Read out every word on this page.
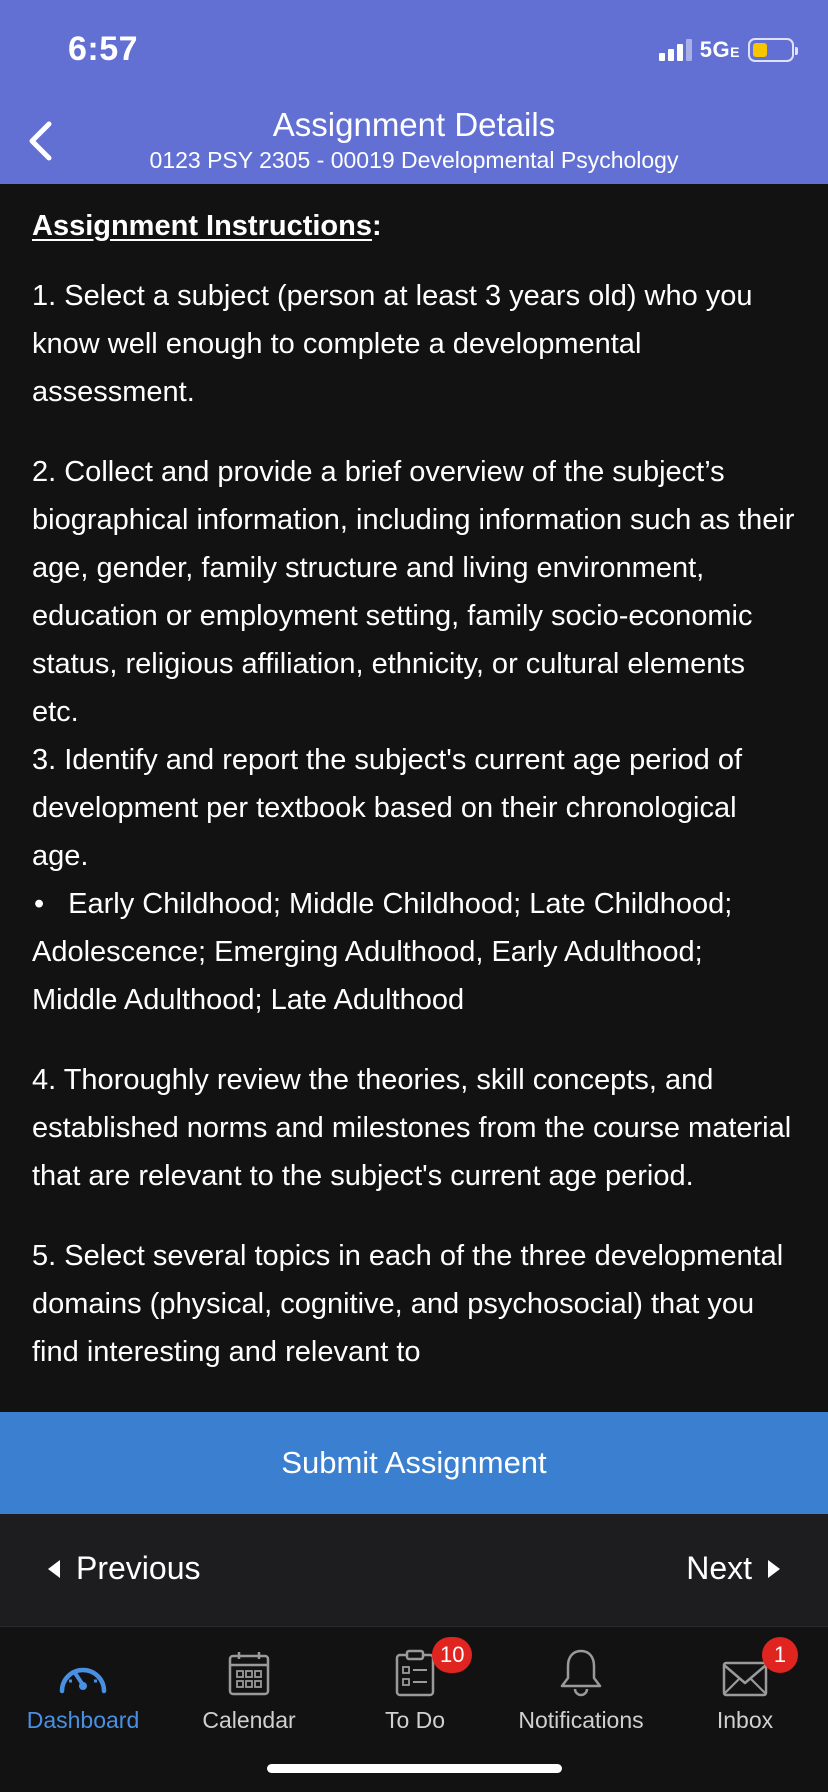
6:57	5GE
Assignment Details
0123 PSY 2305 - 00019 Developmental Psychology
Assignment Instructions:
1. Select a subject (person at least 3 years old) who you know well enough to complete a developmental assessment.
2. Collect and provide a brief overview of the subject’s biographical information, including information such as their age, gender, family structure and living environment, education or employment setting, family socio-economic status, religious affiliation, ethnicity, or cultural elements etc.
3. Identify and report the subject's current age period of development per textbook based on their chronological age.
• Early Childhood; Middle Childhood; Late Childhood; Adolescence; Emerging Adulthood, Early Adulthood; Middle Adulthood; Late Adulthood
4. Thoroughly review the theories, skill concepts, and established norms and milestones from the course material that are relevant to the subject's current age period.
5. Select several topics in each of the three developmental domains (physical, cognitive, and psychosocial) that you find interesting and relevant to
Submit Assignment
Previous	Next
Dashboard	Calendar
10
To Do	Notifications
1
Inbox
